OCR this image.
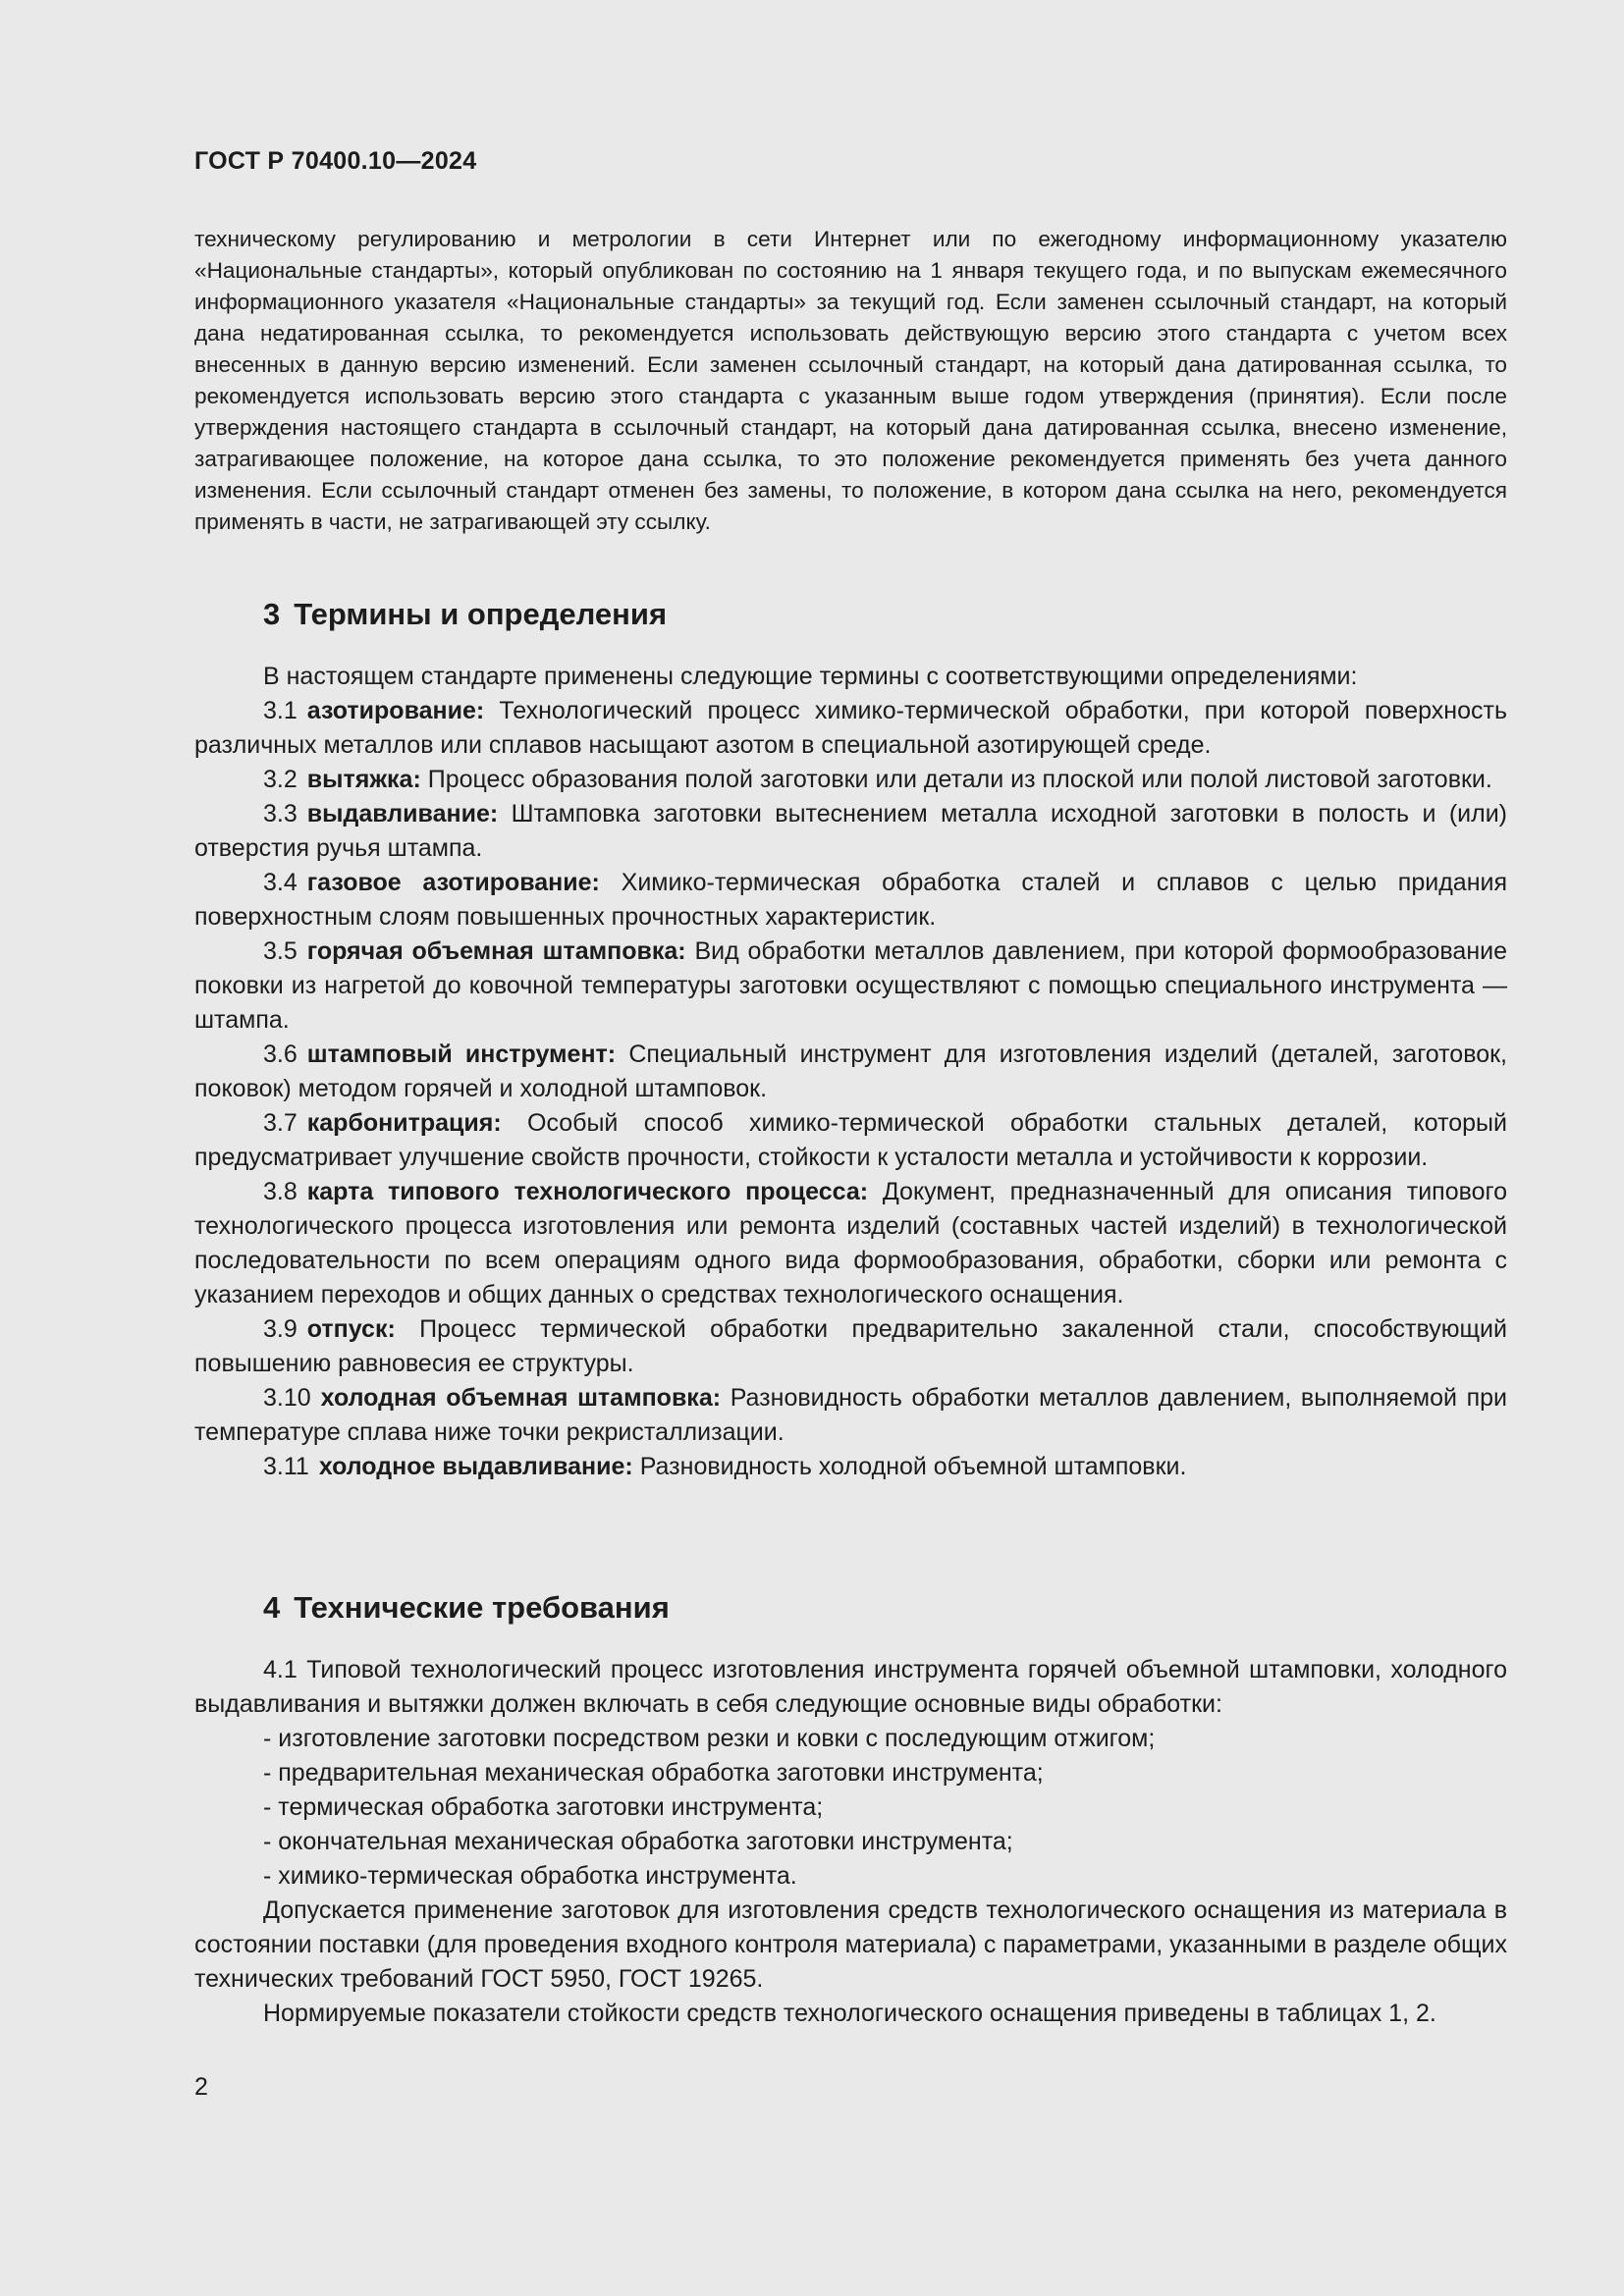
ГОСТ Р 70400.10—2024

техническому регулированию и метрологии в сети Интернет или по ежегодному информационному указателю «Национальные стандарты», который опубликован по состоянию на 1 января текущего года, и по выпускам ежемесячного информационного указателя «Национальные стандарты» за текущий год. Если заменен ссылочный стандарт, на который дана недатированная ссылка, то рекомендуется использовать действующую версию этого стандарта с учетом всех внесенных в данную версию изменений. Если заменен ссылочный стандарт, на который дана датированная ссылка, то рекомендуется использовать версию этого стандарта с указанным выше годом утверждения (принятия). Если после утверждения настоящего стандарта в ссылочный стандарт, на который дана датированная ссылка, внесено изменение, затрагивающее положение, на которое дана ссылка, то это положение рекомендуется применять без учета данного изменения. Если ссылочный стандарт отменен без замены, то положение, в котором дана ссылка на него, рекомендуется применять в части, не затрагивающей эту ссылку.

3 Термины и определения

В настоящем стандарте применены следующие термины с соответствующими определениями:

3.1 азотирование: Технологический процесс химико-термической обработки, при которой поверхность различных металлов или сплавов насыщают азотом в специальной азотирующей среде.

3.2 вытяжка: Процесс образования полой заготовки или детали из плоской или полой листовой заготовки.

3.3 выдавливание: Штамповка заготовки вытеснением металла исходной заготовки в полость и (или) отверстия ручья штампа.

3.4 газовое азотирование: Химико-термическая обработка сталей и сплавов с целью придания поверхностным слоям повышенных прочностных характеристик.

3.5 горячая объемная штамповка: Вид обработки металлов давлением, при которой формообразование поковки из нагретой до ковочной температуры заготовки осуществляют с помощью специального инструмента — штампа.

3.6 штамповый инструмент: Специальный инструмент для изготовления изделий (деталей, заготовок, поковок) методом горячей и холодной штамповок.

3.7 карбонитрация: Особый способ химико-термической обработки стальных деталей, который предусматривает улучшение свойств прочности, стойкости к усталости металла и устойчивости к коррозии.

3.8 карта типового технологического процесса: Документ, предназначенный для описания типового технологического процесса изготовления или ремонта изделий (составных частей изделий) в технологической последовательности по всем операциям одного вида формообразования, обработки, сборки или ремонта с указанием переходов и общих данных о средствах технологического оснащения.

3.9 отпуск: Процесс термической обработки предварительно закаленной стали, способствующий повышению равновесия ее структуры.

3.10 холодная объемная штамповка: Разновидность обработки металлов давлением, выполняемой при температуре сплава ниже точки рекристаллизации.

3.11 холодное выдавливание: Разновидность холодной объемной штамповки.

4 Технические требования

4.1 Типовой технологический процесс изготовления инструмента горячей объемной штамповки, холодного выдавливания и вытяжки должен включать в себя следующие основные виды обработки:

- изготовление заготовки посредством резки и ковки с последующим отжигом;

- предварительная механическая обработка заготовки инструмента;

- термическая обработка заготовки инструмента;

- окончательная механическая обработка заготовки инструмента;

- химико-термическая обработка инструмента.

Допускается применение заготовок для изготовления средств технологического оснащения из материала в состоянии поставки (для проведения входного контроля материала) с параметрами, указанными в разделе общих технических требований ГОСТ 5950, ГОСТ 19265.

Нормируемые показатели стойкости средств технологического оснащения приведены в таблицах 1, 2.

2
